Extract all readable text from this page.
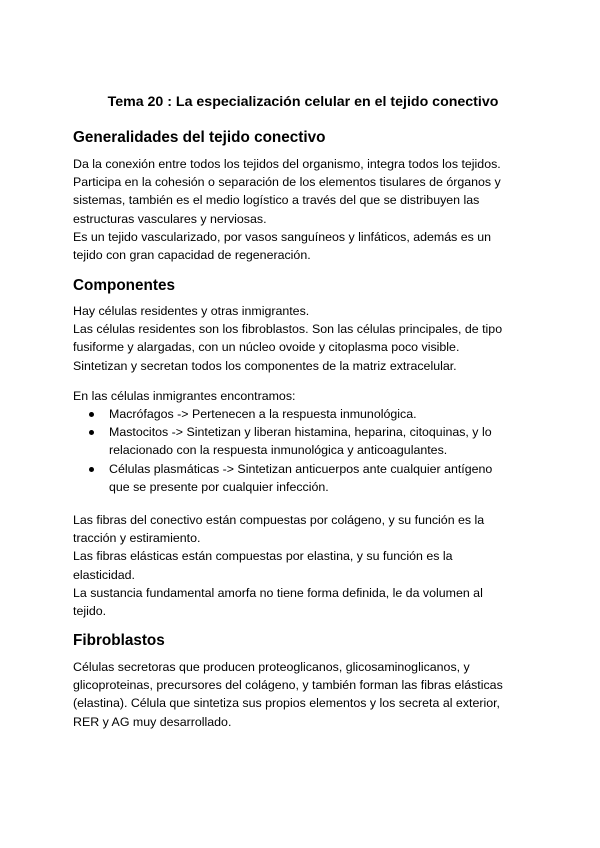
Tema 20 : La especialización celular en el tejido conectivo
Generalidades del tejido conectivo

Da la conexión entre todos los tejidos del organismo, integra todos los tejidos.
Participa en la cohesión o separación de los elementos tisulares de órganos y
sistemas, también es el medio logístico a través del que se distribuyen las
estructuras vasculares y nerviosas.
Es un tejido vascularizado, por vasos sanguíneos y linfáticos, además es un
tejido con gran capacidad de regeneración.

Componentes

Hay células residentes y otras inmigrantes.
Las células residentes son los fibroblastos. Son las células principales, de tipo
fusiforme y alargadas, con un núcleo ovoide y citoplasma poco visible.
Sintetizan y secretan todos los componentes de la matriz extracelular.

En las células inmigrantes encontramos:

Macrófagos -> Pertenecen a la respuesta inmunológica.
Mastocitos -> Sintetizan y liberan histamina, heparina, citoquinas, y lo
relacionado con la respuesta inmunológica y anticoagulantes.
Células plasmáticas -> Sintetizan anticuerpos ante cualquier antígeno
que se presente por cualquier infección.

Las fibras del conectivo están compuestas por colágeno, y su función es la
tracción y estiramiento.
Las fibras elásticas están compuestas por elastina, y su función es la
elasticidad.
La sustancia fundamental amorfa no tiene forma definida, le da volumen al
tejido.

Fibroblastos

Células secretoras que producen proteoglicanos, glicosaminoglicanos, y
glicoproteinas, precursores del colágeno, y también forman las fibras elásticas
(elastina). Célula que sintetiza sus propios elementos y los secreta al exterior,
RER y AG muy desarrollado.
